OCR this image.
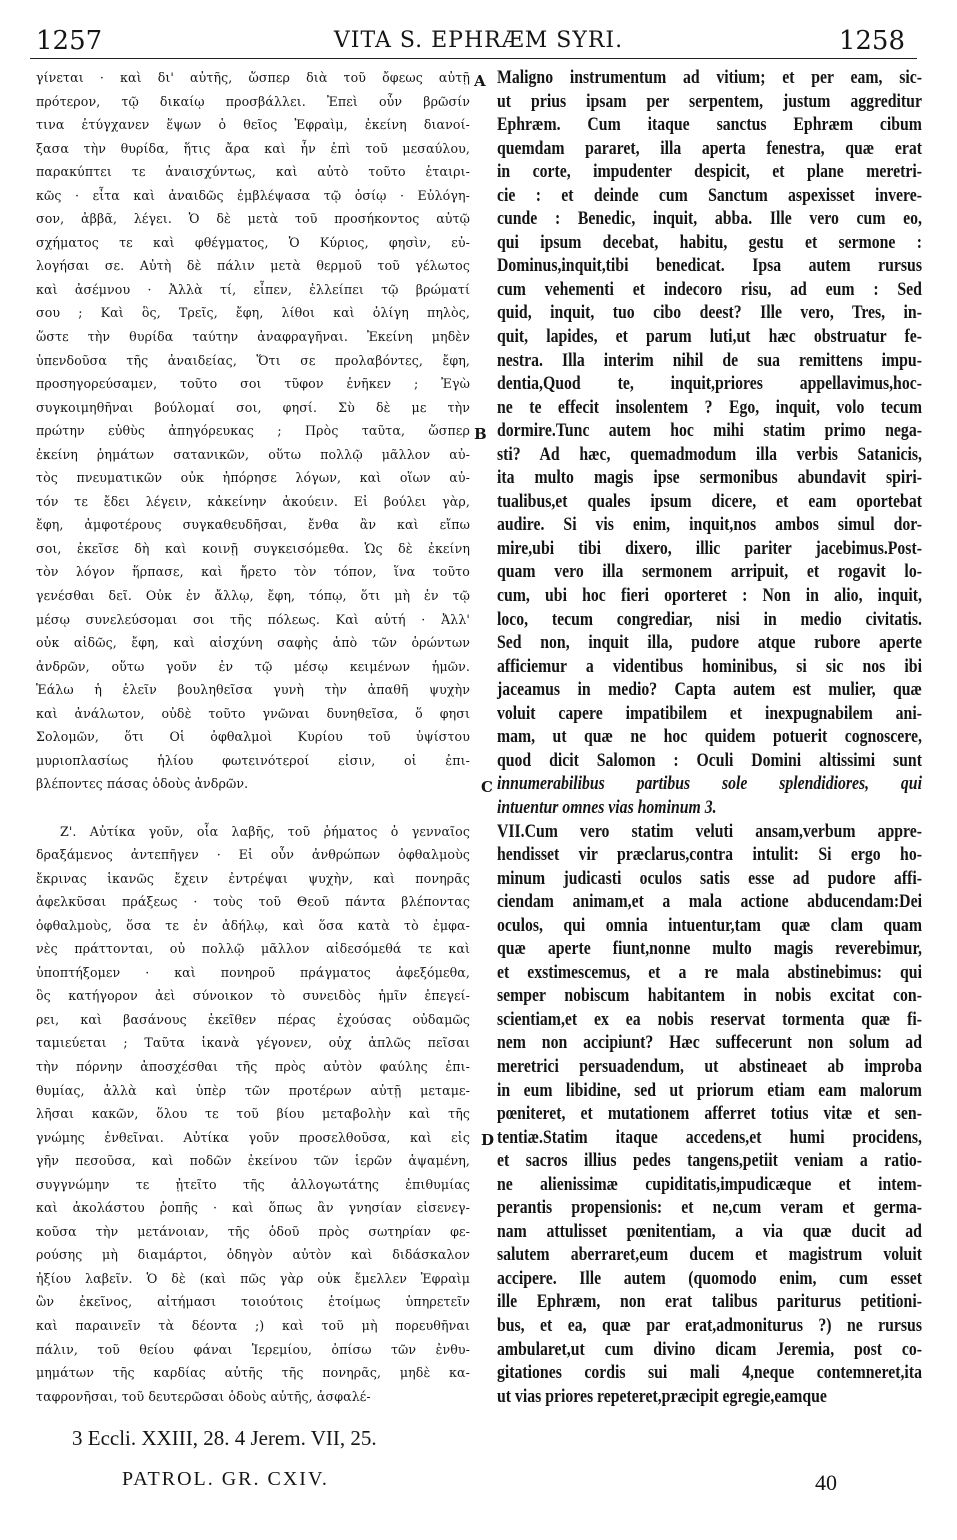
1257	VITA S. EPHRÆM SYRI.	1258
γίνεται · καὶ δι' αὐτῆς, ὥσπερ διὰ τοῦ ὄφεως αὐτῇ
πρότερον, τῷ δικαίῳ προσβάλλει. Ἐπεὶ οὖν βρῶσίν
τινα ἐτύγχανεν ἕψων ὁ θεῖος Ἐφραὶμ, ἐκείνη διανοί-
ξασα τὴν θυρίδα, ἥτις ἄρα καὶ ἦν ἐπὶ τοῦ μεσαύλου,
παρακύπτει τε ἀναισχύντως, καὶ αὐτὸ τοῦτο ἑταιρι-
κῶς · εἶτα καὶ ἀναιδῶς ἐμβλέψασα τῷ ὁσίῳ · Εὐλόγη-
σον, ἀββᾶ, λέγει. Ὁ δὲ μετὰ τοῦ προσήκοντος αὐτῷ
σχήματος τε καὶ φθέγματος, Ὁ Κύριος, φησὶν, εὐ-
λογήσαι σε. Αὐτὴ δὲ πάλιν μετὰ θερμοῦ τοῦ γέλωτος
καὶ ἀσέμνου · Ἀλλὰ τί, εἶπεν, ἐλλείπει τῷ βρώματί
σου ; Καὶ ὃς, Τρεῖς, ἔφη, λίθοι καὶ ὀλίγη πηλὸς,
ὥστε τὴν θυρίδα ταύτην ἀναφραγῆναι. Ἐκείνη μηδὲν
ὑπενδοῦσα τῆς ἀναιδείας, Ὅτι σε προλαβόντες, ἔφη,
προσηγορεύσαμεν, τοῦτο σοι τῦφον ἐνῆκεν ; Ἐγὼ
συγκοιμηθῆναι βούλομαί σοι, φησί. Σὺ δὲ με τὴν
πρώτην εὐθὺς ἀπηγόρευκας ; Πρὸς ταῦτα, ὥσπερ
ἐκείνη ῥημάτων σατανικῶν, οὕτω πολλῷ μᾶλλον αὐ-
τὸς πνευματικῶν οὐκ ἠπόρησε λόγων, καὶ οἵων αὐ-
τόν τε ἔδει λέγειν, κἀκείνην ἀκούειν. Εἰ βούλει γὰρ,
ἔφη, ἀμφοτέρους συγκαθευδῆσαι, ἔνθα ἂν καὶ εἴπω
σοι, ἐκεῖσε δὴ καὶ κοινῇ συγκεισόμεθα. Ὡς δὲ ἐκείνη
τὸν λόγον ἥρπασε, καὶ ἤρετο τὸν τόπον, ἵνα τοῦτο
γενέσθαι δεῖ. Οὐκ ἐν ἄλλῳ, ἔφη, τόπῳ, ὅτι μὴ ἐν τῷ
μέσῳ συνελεύσομαι σοι τῆς πόλεως. Καὶ αὐτή · Ἀλλ'
οὐκ αἰδῶς, ἔφη, καὶ αἰσχύνη σαφὴς ἀπὸ τῶν ὁρώντων
ἀνδρῶν, οὕτω γοῦν ἐν τῷ μέσῳ κειμένων ἡμῶν.
Ἑάλω ἡ ἑλεῖν βουληθεῖσα γυνὴ τὴν ἀπαθῆ ψυχὴν
καὶ ἀνάλωτον, οὐδὲ τοῦτο γνῶναι δυνηθεῖσα, ὅ φησι
Σολομῶν, ὅτι Οἱ ὀφθαλμοὶ Κυρίου τοῦ ὑψίστου
μυριοπλασίως ἡλίου φωτεινότεροί εἰσιν, οἱ ἐπι-
βλέποντες πάσας ὁδοὺς ἀνδρῶν.
Ζ'. Αὐτίκα γοῦν, οἷα λαβῆς, τοῦ ῥήματος ὁ γενναῖος
δραξάμενος ἀντεπῆγεν · Εἰ οὖν ἀνθρώπων ὀφθαλμοὺς
ἔκρινας ἱκανῶς ἔχειν ἐντρέψαι ψυχὴν, καὶ πονηρᾶς
ἀφελκῦσαι πράξεως · τοὺς τοῦ Θεοῦ πάντα βλέποντας
ὀφθαλμοὺς, ὅσα τε ἐν ἀδήλῳ, καὶ ὅσα κατὰ τὸ ἐμφα-
νὲς πράττονται, οὐ πολλῷ μᾶλλον αἰδεσόμεθά τε καὶ
ὑποπτήξομεν · καὶ πονηροῦ πράγματος ἀφεξόμεθα,
ὃς κατήγορον ἀεὶ σύνοικον τὸ συνειδὸς ἡμῖν ἐπεγεί-
ρει, καὶ βασάνους ἐκεῖθεν πέρας ἐχούσας οὐδαμῶς
ταμιεύεται ; Ταῦτα ἱκανὰ γέγονεν, οὐχ ἁπλῶς πεῖσαι
τὴν πόρνην ἀποσχέσθαι τῆς πρὸς αὐτὸν φαύλης ἐπι-
θυμίας, ἀλλὰ καὶ ὑπὲρ τῶν προτέρων αὐτῇ μεταμε-
λῆσαι κακῶν, ὅλου τε τοῦ βίου μεταβολὴν καὶ τῆς
γνώμης ἐνθεῖναι. Αὐτίκα γοῦν προσελθοῦσα, καὶ εἰς
γῆν πεσοῦσα, καὶ ποδῶν ἐκείνου τῶν ἱερῶν ἁψαμένη,
συγγνώμην τε ᾐτεῖτο τῆς ἀλλογωτάτης ἐπιθυμίας
καὶ ἀκολάστου ῥοπῆς · καὶ ὅπως ἂν γνησίαν εἰσενεγ-
κοῦσα τὴν μετάνοιαν, τῆς ὁδοῦ πρὸς σωτηρίαν φε-
ρούσης μὴ διαμάρτοι, ὁδηγὸν αὐτὸν καὶ διδάσκαλον
ἠξίου λαβεῖν. Ὁ δὲ (καὶ πῶς γὰρ οὐκ ἔμελλεν Ἐφραὶμ
ὢν ἐκεῖνος, αἰτήμασι τοιούτοις ἑτοίμως ὑπηρετεῖν
καὶ παραινεῖν τὰ δέοντα ;) καὶ τοῦ μὴ πορευθῆναι
πάλιν, τοῦ θείου φάναι Ἱερεμίου, ὀπίσω τῶν ἐνθυ-
μημάτων τῆς καρδίας αὐτῆς τῆς πονηρᾶς, μηδὲ κα-
ταφρονῆσαι, τοῦ δευτερῶσαι ὁδοὺς αὐτῆς, ἀσφαλέ-
Maligno instrumentum ad vitium; et per eam, sic-
ut prius ipsam per serpentem, justum aggreditur
Ephræm. Cum itaque sanctus Ephræm cibum
quemdam pararet, illa aperta fenestra, quæ erat
in corte, impudenter despicit, et plane meretri-
cie : et deinde cum Sanctum aspexisset invere-
cunde : Benedic, inquit, abba. Ille vero cum eo,
qui ipsum decebat, habitu, gestu et sermone :
Dominus,inquit,tibi benedicat. Ipsa autem rursus
cum vehementi et indecoro risu, ad eum : Sed
quid, inquit, tuo cibo deest? Ille vero, Tres, in-
quit, lapides, et parum luti,ut hæc obstruatur fe-
nestra. Illa interim nihil de sua remittens impu-
dentia,Quod te, inquit,priores appellavimus,hoc-
ne te effecit insolentem ? Ego, inquit, volo tecum
dormire.Tunc autem hoc mihi statim primo nega-
sti? Ad hæc, quemadmodum illa verbis Satanicis,
ita multo magis ipse sermonibus abundavit spiri-
tualibus,et quales ipsum dicere, et eam oportebat
audire. Si vis enim, inquit,nos ambos simul dor-
mire,ubi tibi dixero, illic pariter jacebimus.Post-
quam vero illa sermonem arripuit, et rogavit lo-
cum, ubi hoc fieri oporteret : Non in alio, inquit,
loco, tecum congrediar, nisi in medio civitatis.
Sed non, inquit illa, pudore atque rubore aperte
afficiemur a videntibus hominibus, si sic nos ibi
jaceamus in medio? Capta autem est mulier, quæ
voluit capere impatibilem et inexpugnabilem ani-
mam, ut quæ ne hoc quidem potuerit cognoscere,
quod dicit Salomon : Oculi Domini altissimi sunt
innumerabilibus partibus sole splendidiores, qui
intuentur omnes vias hominum 3.
VII.Cum vero statim veluti ansam,verbum appre-
hendisset vir præclarus,contra intulit: Si ergo ho-
minum judicasti oculos satis esse ad pudore affi-
ciendam animam,et a mala actione abducendam:Dei
oculos, qui omnia intuentur,tam quæ clam quam
quæ aperte fiunt,nonne multo magis reverebimur,
et exstimescemus, et a re mala abstinebimus: qui
semper nobiscum habitantem in nobis excitat con-
scientiam,et ex ea nobis reservat tormenta quæ fi-
nem non accipiunt? Hæc suffecerunt non solum ad
meretrici persuadendum, ut abstineaet ab improba
in eum libidine, sed ut priorum etiam eam malorum
pœniteret, et mutationem afferret totius vitæ et sen-
tentiæ.Statim itaque accedens,et humi procidens,
et sacros illius pedes tangens,petiit veniam a ratio-
ne alienissimæ cupiditatis,impudicæque et intem-
perantis propensionis: et ne,cum veram et germa-
nam attulisset pœnitentiam, a via quæ ducit ad
salutem aberraret,eum ducem et magistrum voluit
accipere. Ille autem (quomodo enim, cum esset
ille Ephræm, non erat talibus pariturus petitioni-
bus, et ea, quæ par erat,admoniturus ?) ne rursus
ambularet,ut cum divino dicam Jeremia, post co-
gitationes cordis sui mali 4,neque contemneret,ita
ut vias priores repeteret,præcipit egregie,eamque
A
B
C
D
3 Eccli. XXIII, 28. 4 Jerem. VII, 25.
PATROL. GR. CXIV.	40
